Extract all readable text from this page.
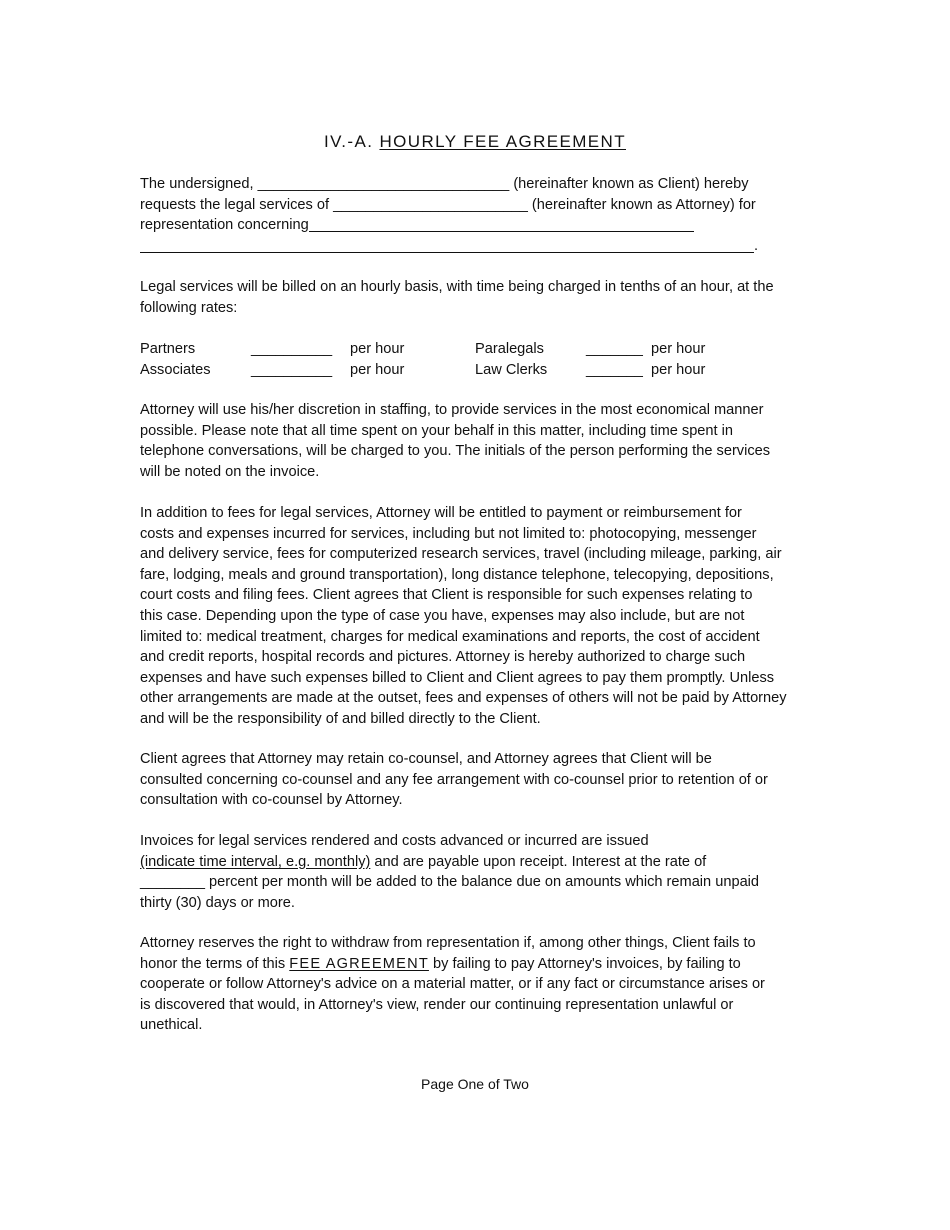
IV.-A. HOURLY FEE AGREEMENT
The undersigned, _______________________________ (hereinafter known as Client) hereby
requests the legal services of ________________________ (hereinafter known as Attorney) for
representation concerning
.
Legal services will be billed on an hourly basis, with time being charged in tenths of an hour, at the
following rates:
Partners	__________ per hour	Paralegals	_______ per hour
Associates	__________ per hour	Law Clerks	_______ per hour
Attorney will use his/her discretion in staffing, to provide services in the most economical manner
possible. Please note that all time spent on your behalf in this matter, including time spent in
telephone conversations, will be charged to you. The initials of the person performing the services
will be noted on the invoice.
In addition to fees for legal services, Attorney will be entitled to payment or reimbursement for
costs and expenses incurred for services, including but not limited to: photocopying, messenger
and delivery service, fees for computerized research services, travel (including mileage, parking, air
fare, lodging, meals and ground transportation), long distance telephone, telecopying, depositions,
court costs and filing fees. Client agrees that Client is responsible for such expenses relating to
this case. Depending upon the type of case you have, expenses may also include, but are not
limited to: medical treatment, charges for medical examinations and reports, the cost of accident
and credit reports, hospital records and pictures. Attorney is hereby authorized to charge such
expenses and have such expenses billed to Client and Client agrees to pay them promptly. Unless
other arrangements are made at the outset, fees and expenses of others will not be paid by Attorney
and will be the responsibility of and billed directly to the Client.
Client agrees that Attorney may retain co-counsel, and Attorney agrees that Client will be
consulted concerning co-counsel and any fee arrangement with co-counsel prior to retention of or
consultation with co-counsel by Attorney.
Invoices for legal services rendered and costs advanced or incurred are issued
(indicate time interval, e.g. monthly) and are payable upon receipt. Interest at the rate of
________ percent per month will be added to the balance due on amounts which remain unpaid
thirty (30) days or more.
Attorney reserves the right to withdraw from representation if, among other things, Client fails to
honor the terms of this FEE AGREEMENT by failing to pay Attorney's invoices, by failing to
cooperate or follow Attorney's advice on a material matter, or if any fact or circumstance arises or
is discovered that would, in Attorney's view, render our continuing representation unlawful or
unethical.
Page One of Two
